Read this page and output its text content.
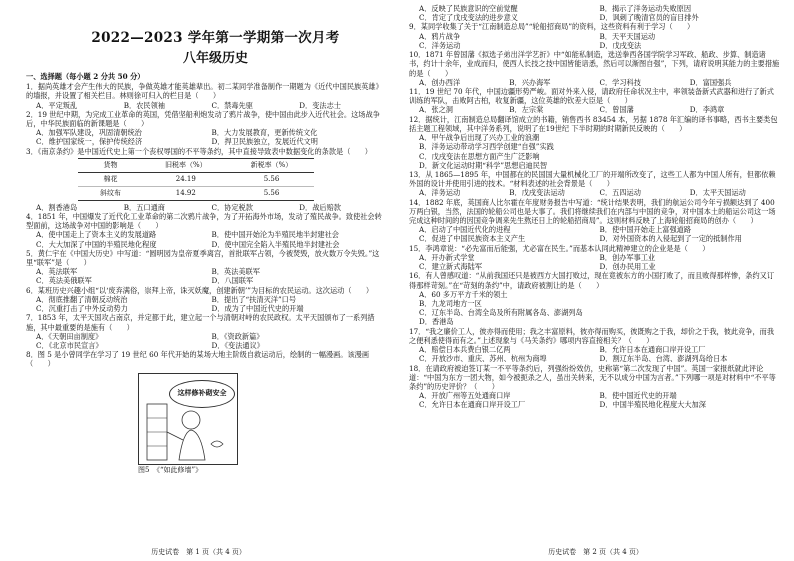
2022—2023 学年第一学期第一次月考
八年级历史
一、选择题（每小题 2 分共 50 分）
1．据尚英雄才会产生伟大的民族，争做英雄才能英雄辈出。初二某同学准备制作一期题为《近代中国民族英雄》的墙报，并设置了相关栏目。林则徐可归入的栏目是（　　）
A．平定叛乱	B．农民领袖	C．禁毒先驱	D．变法志士
2．19 世纪中期，为完成工业革命的英国，凭借坚船利炮发动了鸦片战争，使中国由此步入近代社会。这场战争后，中华民族面临的新课题是（　　）
A．加强军队建设，巩固清朝统治	B．大力发展教育，更新传统文化
C．维护国家统一，保护传统经济	D．捍卫民族独立，发展近代文明
3．《南京条约》是中国近代史上第一个丧权辱国的不平等条约，其中直接导致表中数据变化的条款是（　　）
货物	旧税率（%）	新税率（%）
棉花	24.19	5.56
斜纹布	14.92	5.56
A．割香港岛	B．五口通商	C．协定税款	D．战后赔款
4．1851 年，中国爆发了近代化工业革命的第二次鸦片战争，为了开拓海外市场，发动了殖民战争。致使社会转型面前，这场战争对中国的影响是（　　）
A．使中国走上了资本主义的发展道路	B．使中国开始沦为半殖民地半封建社会
C．大大加深了中国的半殖民地化程度	D．使中国完全陷入半殖民地半封建社会
5．黄仁宇在《中国大历史》中写道：“圆明园为皇帝夏季离宫，首批联军占领，今被焚毁，放火数万令失毁。”这里“联军”是（　　）
A．英法联军	B．英法美联军
C．英法美俄联军	D．八国联军
6．某班历史兴趣小组“以‘废弃满俗，崇拜上帝，诛灭妖魔，创建新朝’”为目标的农民运动。这次运动（　　）
A．彻底推翻了清朝反动统治	B．提出了“扶清灭洋”口号
C．沉重打击了中外反动势力	D．成为了中国近代史的开端
7．1853 年，太平天国攻占南京，并定都于此，建立起一个与清朝对峙的农民政权。太平天国颁布了一系列措施，其中最重要的是施有（　　）
A．《天朝田亩制度》	B．《资政新篇》
C．《北京市民宣言》	D．《变法通议》
8．图 5 是小曾同学在学习了 19 世纪 60 年代开始的某场大地主阶级自救运动后，绘制的一幅漫画。该漫画（　　）
这样修补砌安全
图5　《“如此修墙”》
历史试卷　第 1 页（共 4 页）
A．反映了民族意识的空前觉醒	B．揭示了洋务运动失败原因
C．肯定了戊戌变法的进步意义	D．讽刺了晚清官员的盲目排外
9．某同学收集了关于“江南制造总局”“轮船招商局”的资料，这些资料有利于学习（　　）
A．鸦片战争	B．天平天国运动
C．洋务运动	D．戊戌变法
10．1871 年曾国藩《拟选子弟出洋学艺折》中“如能私制造，选送拳西各国学院学习军政、船政、步算、制造诸书，约计十余年，业成而归，使西人长技之技中国皆能谙悉，然后可以渐图自强”，下列，请府说明其能力的主要措施的是（　　）
A．创办西洋	B．兴办海军	C．学习科技	D．富国强兵
11．19 世纪 70 年代，中国边疆形势严峻。面对外来入侵，请政府任命状况主中，率领装备新式武器和进行了新式训练的军队，击败阿古柏，收复新疆，这位英雄的钦差大臣是（　　）
A．张之洞	B．左宗棠	C．曾国藩	D．李鸿章
12．据统计，江南制造总局翻译馆成立的书籍，销售西书 83454 本，另据 1878 年汇编的译书事略，西书主要类包括主题工程领域，其中洋务系列，说明了在19世纪 下半时期的时期新民反映的（　　）
A．甲午战争后出现了兴办工业的浪潮
B．洋务运动带动学习西学创建“自强”实践
C．戊戌变法在思想方面产生广泛影响
D．新文化运动时期“科学”思想启迪民智
13．从 1865—1895 年，中国都在的民国国大量机械化工厂的开端所改变了，这些工人都为中国人所有，但都依赖外国的设计并使用引进的技术。“材料表述的社会背景是（　　）
A．洋务运动	B．戊戌变法运动	C．五四运动	D．太平天国运动
14．1882 年底，英国商人比尔霍在年度财务报告中写道：“统计结果表明，我们的航运公司今年亏损额达到了 400 万两白银，当然，法国的轮船公司也是大事了。我们将继续我们在内部与中国的竞争，对中国本土的船运公司这一场完成这种时间的的因国竞争调来先生熬还日上的轮船招商局”。这则材料反映了上海轮船招商局的创办（　　）
A．启动了中国近代化的进程	B．使中国开始走上富强道路
C．促进了中国民族资本主义产生	D．对外国资本的入侵起到了一定的抵制作用
15．李鸿章说：“必先富而后能强，尤必富在民生。”而基本认同此精神建立的企业是是（　　）
A．开办新式学堂	B．创办军事工业
C．建立新式海陆军	D．创办民用工业
16．有人曾感叹道：“从前我国还只是被西方大国打败过，现在竟被东方的小国打败了，而且败得那样惨，条约又订得那样苛刻。”在“苛刻的条约”中，请政府被割让的是（　　）
A．60 多万平方千米的领土
B．九龙司地方一区
C．辽东半岛、台湾全岛及所有附属各岛、澎湖列岛
D．香港岛
17．“我之廉价工人，彼亦得而使用；我之丰富原料，彼亦得而购买，彼既购之于我，却价之于我，彼此竞争，而我之便利悉使得而有之。”上述现象与《马关条约》哪项内容直接相关？（　　）
A．赔偿日本兵费白银二亿两	B．允许日本在通商口岸开设工厂
C．开放沙市、重庆、苏州、杭州为商埠	D．割辽东半岛、台湾、澎湖列岛给日本
18．在请政府被迫签订某一不平等条约后，列强纷纷效仿，史称第“第二次发现了中国”。英国一家报纸就此评论道：“中国为东方一团大物，如今被扼杀之人，虽出关转来，无不以成分中国为言者。”下列哪一项是对材料中“不平等条约”的历史评价？（　　）
A．开放广州等五处通商口岸	B．使中国近代史的开端
C．允许日本在通商口岸开设工厂	D．中国半殖民地化程度大大加深
历史试卷　第 2 页（共 4 页）
